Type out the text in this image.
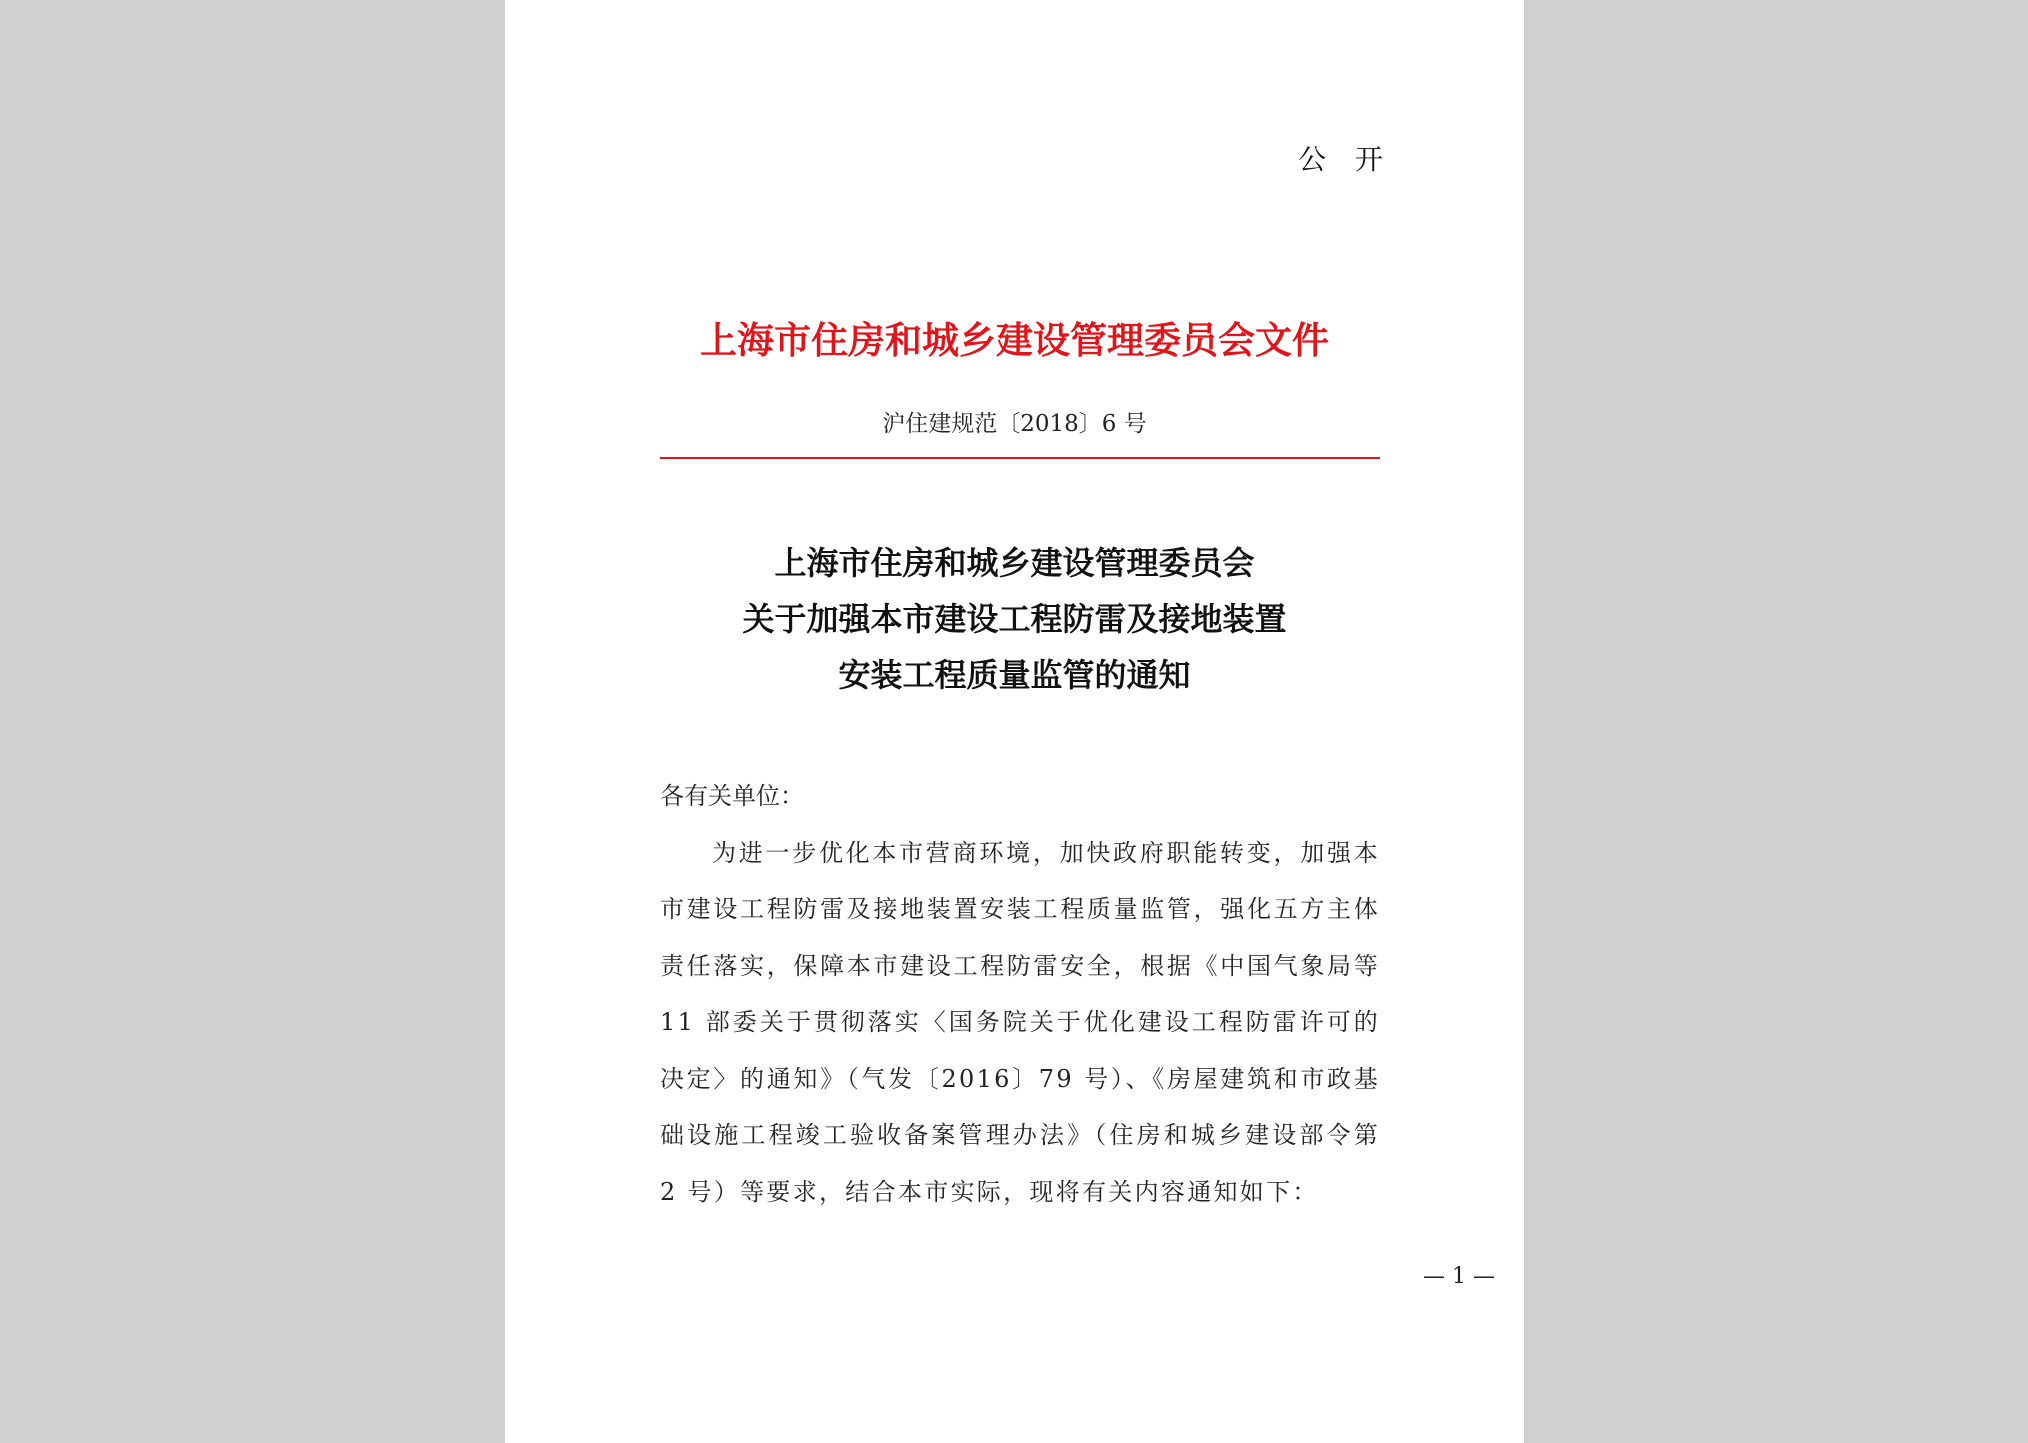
公 开

上海市住房和城乡建设管理委员会文件

沪住建规范〔2018〕6 号

上海市住房和城乡建设管理委员会
关于加强本市建设工程防雷及接地装置
安装工程质量监管的通知
各有关单位：
为进一步优化本市营商环境，加快政府职能转变，加强本市建设工程防雷及接地装置安装工程质量监管，强化五方主体责任落实，保障本市建设工程防雷安全，根据《中国气象局等 11 部委关于贯彻落实〈国务院关于优化建设工程防雷许可的决定〉的通知》（气发〔2016〕79 号）、《房屋建筑和市政基础设施工程竣工验收备案管理办法》（住房和城乡建设部令第 2 号）等要求，结合本市实际，现将有关内容通知如下：

— 1 —
